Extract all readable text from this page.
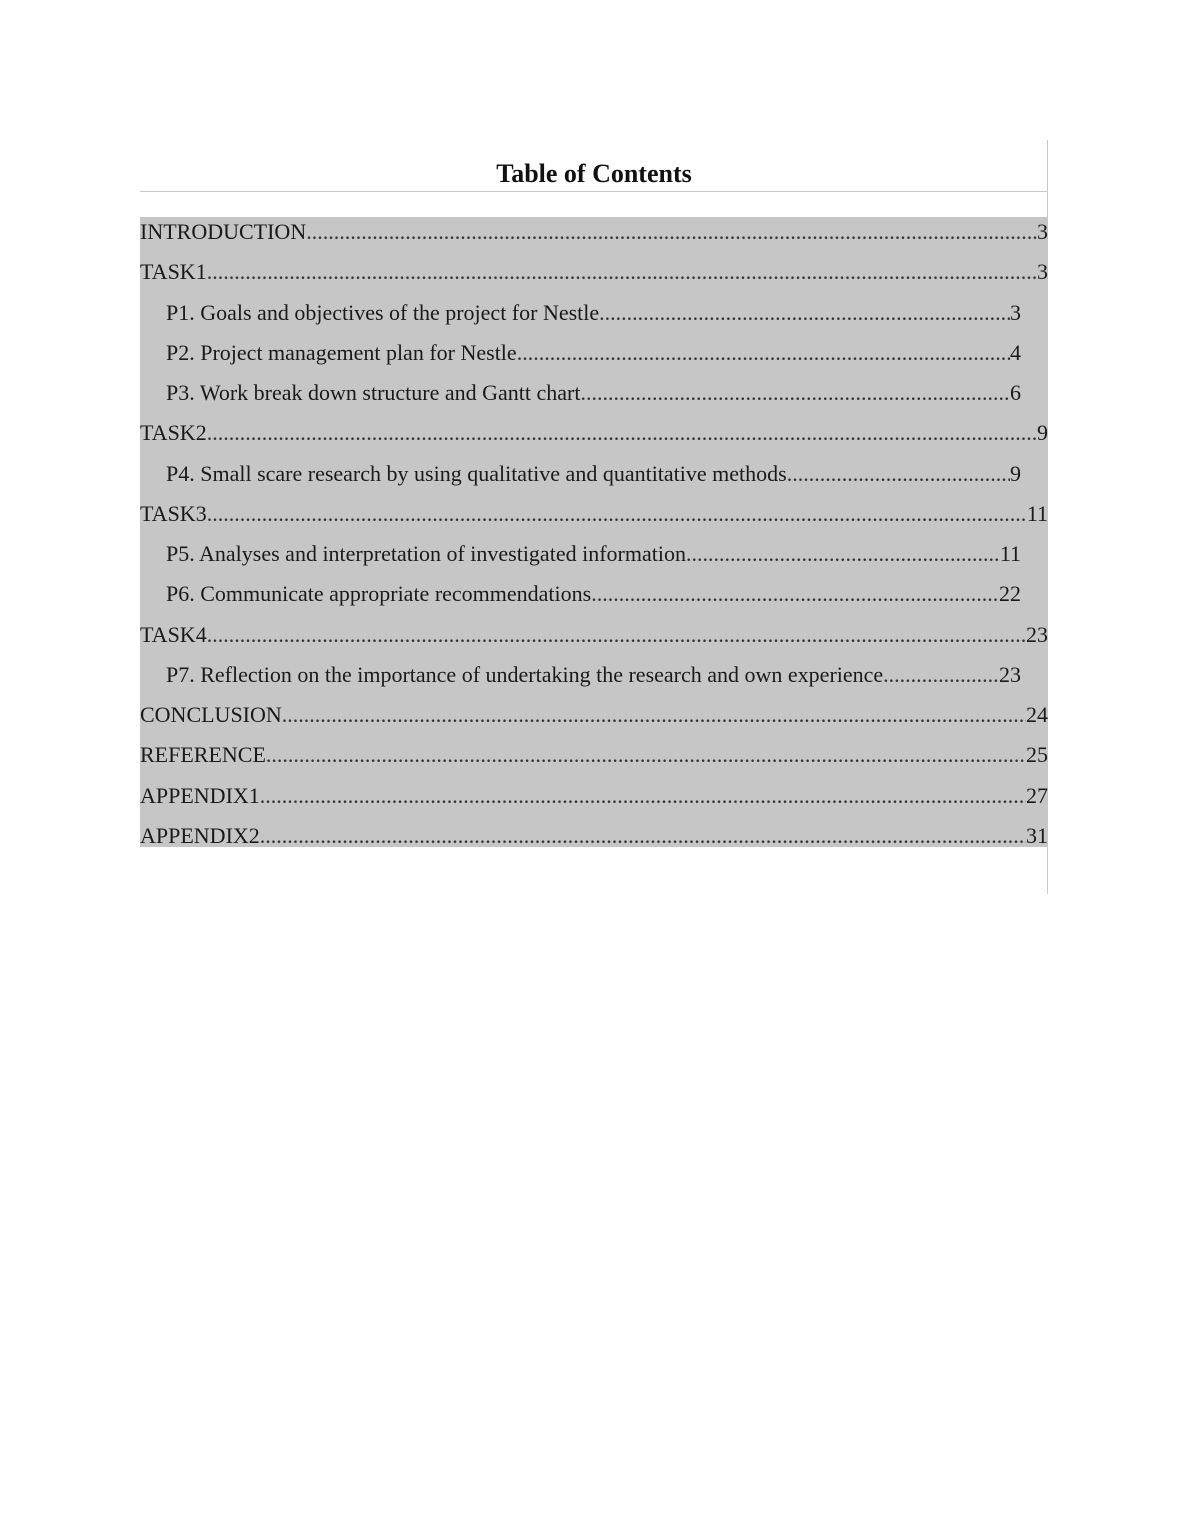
Table of Contents
INTRODUCTION .....	3
TASK1 .....	3
P1. Goals and objectives of the project for Nestle .....	3
P2. Project management plan for Nestle .....	4
P3. Work break down structure and Gantt chart .....	6
TASK2 .....	9
P4. Small scare research by using qualitative and quantitative methods .....	9
TASK3 .....	11
P5. Analyses and interpretation of investigated information .....	11
P6. Communicate appropriate recommendations .....	22
TASK4 .....	23
P7. Reflection on the importance of undertaking the research and own experience .....	23
CONCLUSION .....	24
REFERENCE .....	25
APPENDIX1 .....	27
APPENDIX2 .....	31
